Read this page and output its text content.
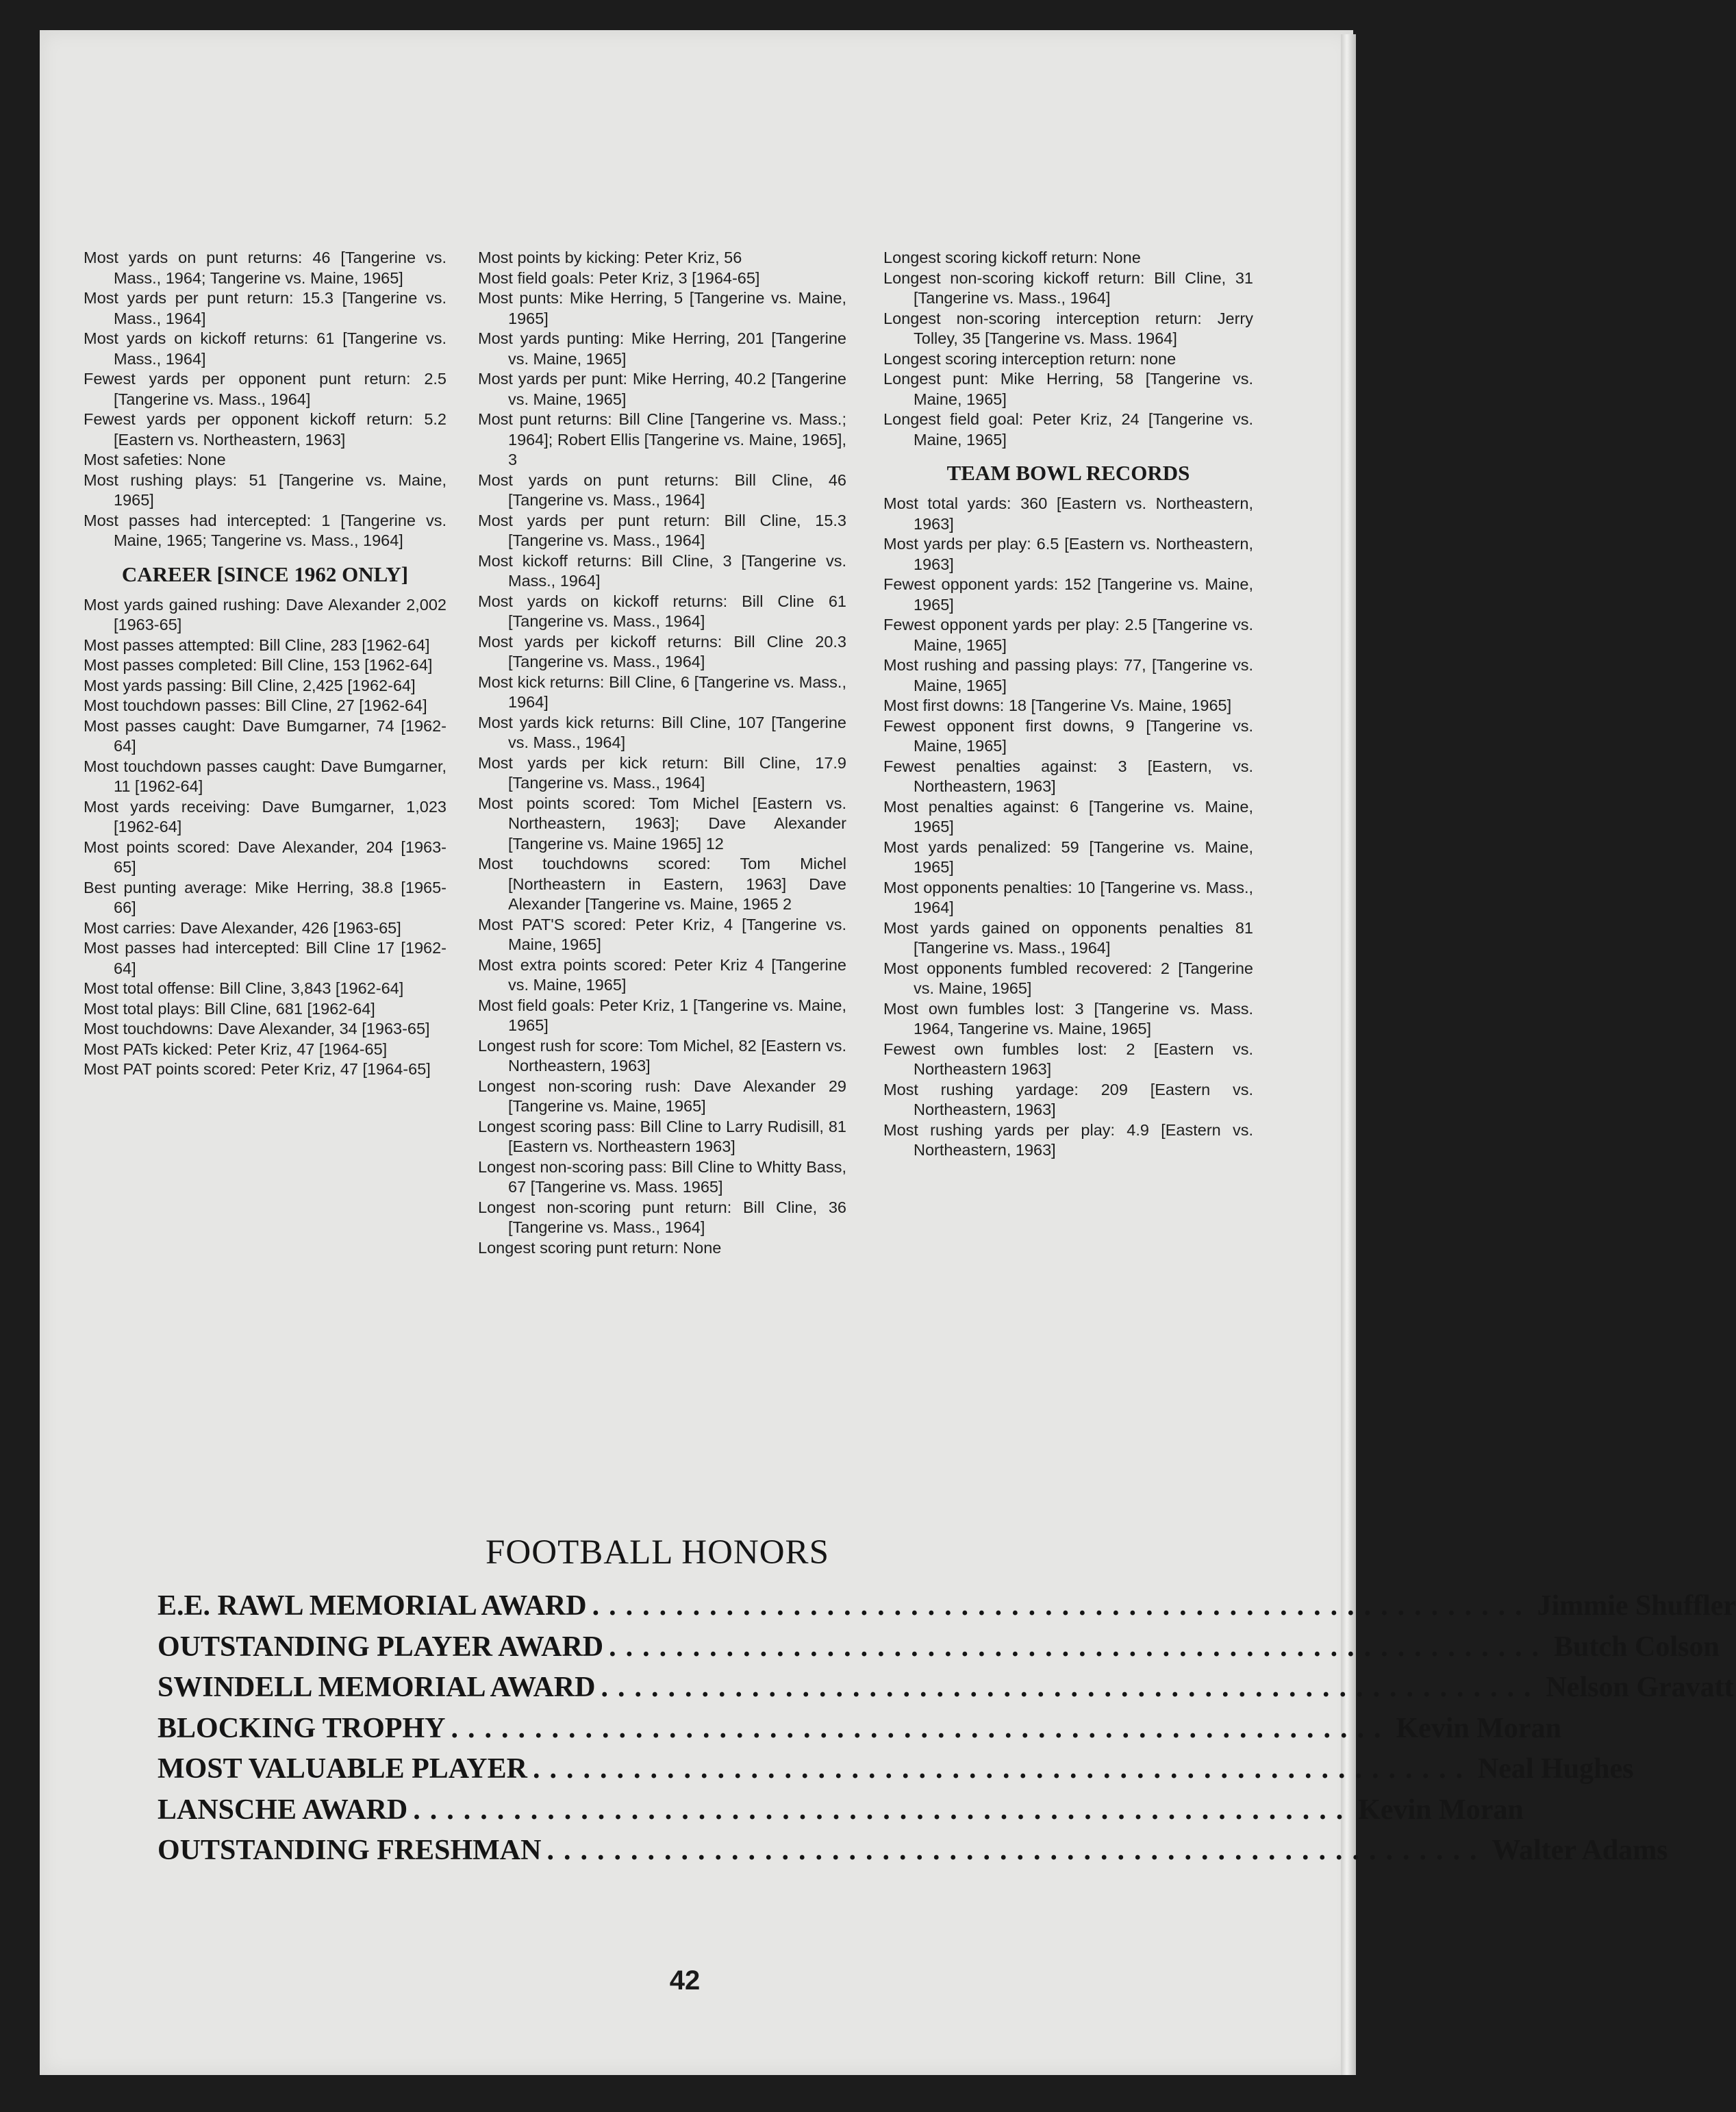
Most yards on punt returns: 46 [Tangerine vs. Mass., 1964; Tangerine vs. Maine, 1965]

Most yards per punt return: 15.3 [Tangerine vs. Mass., 1964]

Most yards on kickoff returns: 61 [Tangerine vs. Mass., 1964]

Fewest yards per opponent punt return: 2.5 [Tangerine vs. Mass., 1964]

Fewest yards per opponent kickoff return: 5.2 [Eastern vs. Northeastern, 1963]

Most safeties: None

Most rushing plays: 51 [Tangerine vs. Maine, 1965]

Most passes had intercepted: 1 [Tangerine vs. Maine, 1965; Tangerine vs. Mass., 1964]

CAREER [SINCE 1962 ONLY]

Most yards gained rushing: Dave Alexander 2,002 [1963-65]

Most passes attempted: Bill Cline, 283 [1962-64]

Most passes completed: Bill Cline, 153 [1962-64]

Most yards passing: Bill Cline, 2,425 [1962-64]

Most touchdown passes: Bill Cline, 27 [1962-64]

Most passes caught: Dave Bumgarner, 74 [1962-64]

Most touchdown passes caught: Dave Bumgarner, 11 [1962-64]

Most yards receiving: Dave Bumgarner, 1,023 [1962-64]

Most points scored: Dave Alexander, 204 [1963-65]

Best punting average: Mike Herring, 38.8 [1965-66]

Most carries: Dave Alexander, 426 [1963-65]

Most passes had intercepted: Bill Cline 17 [1962-64]

Most total offense: Bill Cline, 3,843 [1962-64]

Most total plays: Bill Cline, 681 [1962-64]

Most touchdowns: Dave Alexander, 34 [1963-65]

Most PATs kicked: Peter Kriz, 47 [1964-65]

Most PAT points scored: Peter Kriz, 47 [1964-65]

Most points by kicking: Peter Kriz, 56

Most field goals: Peter Kriz, 3 [1964-65]

Most punts: Mike Herring, 5 [Tangerine vs. Maine, 1965]

Most yards punting: Mike Herring, 201 [Tangerine vs. Maine, 1965]

Most yards per punt: Mike Herring, 40.2 [Tangerine vs. Maine, 1965]

Most punt returns: Bill Cline [Tangerine vs. Mass.; 1964]; Robert Ellis [Tangerine vs. Maine, 1965], 3

Most yards on punt returns: Bill Cline, 46 [Tangerine vs. Mass., 1964]

Most yards per punt return: Bill Cline, 15.3 [Tangerine vs. Mass., 1964]

Most kickoff returns: Bill Cline, 3 [Tangerine vs. Mass., 1964]

Most yards on kickoff returns: Bill Cline 61 [Tangerine vs. Mass., 1964]

Most yards per kickoff returns: Bill Cline 20.3 [Tangerine vs. Mass., 1964]

Most kick returns: Bill Cline, 6 [Tangerine vs. Mass., 1964]

Most yards kick returns: Bill Cline, 107 [Tangerine vs. Mass., 1964]

Most yards per kick return: Bill Cline, 17.9 [Tangerine vs. Mass., 1964]

Most points scored: Tom Michel [Eastern vs. Northeastern, 1963]; Dave Alexander [Tangerine vs. Maine 1965] 12

Most touchdowns scored: Tom Michel [Northeastern in Eastern, 1963] Dave Alexander [Tangerine vs. Maine, 1965 2

Most PAT'S scored: Peter Kriz, 4 [Tangerine vs. Maine, 1965]

Most extra points scored: Peter Kriz 4 [Tangerine vs. Maine, 1965]

Most field goals: Peter Kriz, 1 [Tangerine vs. Maine, 1965]

Longest rush for score: Tom Michel, 82 [Eastern vs. Northeastern, 1963]

Longest non-scoring rush: Dave Alexander 29 [Tangerine vs. Maine, 1965]

Longest scoring pass: Bill Cline to Larry Rudisill, 81 [Eastern vs. Northeastern 1963]

Longest non-scoring pass: Bill Cline to Whitty Bass, 67 [Tangerine vs. Mass. 1965]

Longest non-scoring punt return: Bill Cline, 36 [Tangerine vs. Mass., 1964]

Longest scoring punt return: None

Longest scoring kickoff return: None

Longest non-scoring kickoff return: Bill Cline, 31 [Tangerine vs. Mass., 1964]

Longest non-scoring interception return: Jerry Tolley, 35 [Tangerine vs. Mass. 1964]

Longest scoring interception return: none

Longest punt: Mike Herring, 58 [Tangerine vs. Maine, 1965]

Longest field goal: Peter Kriz, 24 [Tangerine vs. Maine, 1965]

TEAM BOWL RECORDS

Most total yards: 360 [Eastern vs. Northeastern, 1963]

Most yards per play: 6.5 [Eastern vs. Northeastern, 1963]

Fewest opponent yards: 152 [Tangerine vs. Maine, 1965]

Fewest opponent yards per play: 2.5 [Tangerine vs. Maine, 1965]

Most rushing and passing plays: 77, [Tangerine vs. Maine, 1965]

Most first downs: 18 [Tangerine Vs. Maine, 1965]

Fewest opponent first downs, 9 [Tangerine vs. Maine, 1965]

Fewest penalties against: 3 [Eastern, vs. Northeastern, 1963]

Most penalties against: 6 [Tangerine vs. Maine, 1965]

Most yards penalized: 59 [Tangerine vs. Maine, 1965]

Most opponents penalties: 10 [Tangerine vs. Mass., 1964]

Most yards gained on opponents penalties 81 [Tangerine vs. Mass., 1964]

Most opponents fumbled recovered: 2 [Tangerine vs. Maine, 1965]

Most own fumbles lost: 3 [Tangerine vs. Mass. 1964, Tangerine vs. Maine, 1965]

Fewest own fumbles lost: 2 [Eastern vs. Northeastern 1963]

Most rushing yardage: 209 [Eastern vs. Northeastern, 1963]

Most rushing yards per play: 4.9 [Eastern vs. Northeastern, 1963]

FOOTBALL HONORS
E.E. RAWL MEMORIAL AWARD ........................................................ Jimmie Shuffler
OUTSTANDING PLAYER AWARD ........................................................ Butch Colson
SWINDELL MEMORIAL AWARD ........................................................ Nelson Gravatt
BLOCKING TROPHY ........................................................ Kevin Moran
MOST VALUABLE PLAYER ........................................................ Neal Hughes
LANSCHE AWARD ........................................................ Kevin Moran
OUTSTANDING FRESHMAN ........................................................ Walter Adams
42
